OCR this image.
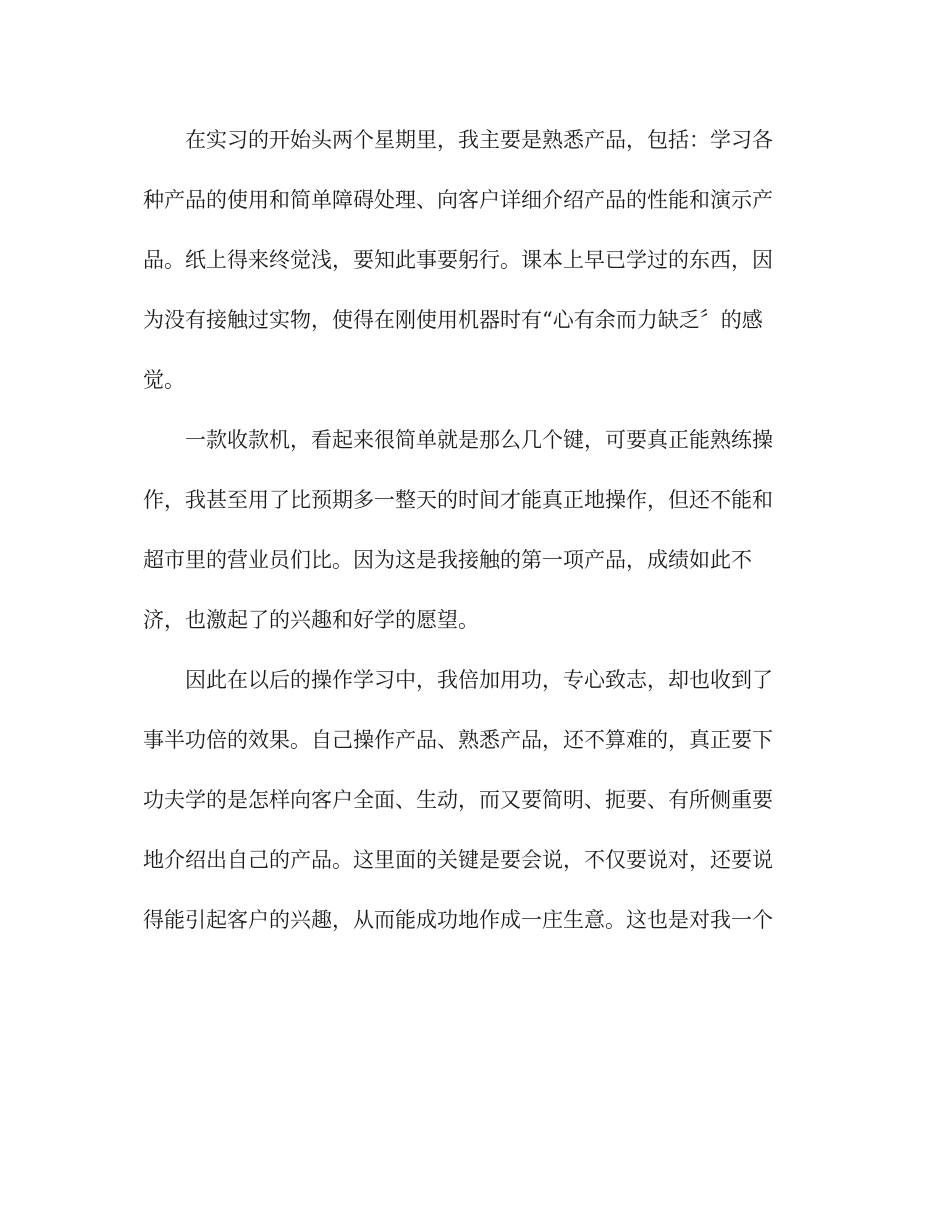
在实习的开始头两个星期里，我主要是熟悉产品，包括：学习各
种产品的使用和简单障碍处理、向客户详细介绍产品的性能和演示产
品。纸上得来终觉浅，要知此事要躬行。课本上早已学过的东西，因
为没有接触过实物，使得在刚使用机器时有“心有余而力缺乏〞的感
觉。
一款收款机，看起来很简单就是那么几个键，可要真正能熟练操
作，我甚至用了比预期多一整天的时间才能真正地操作，但还不能和
超市里的营业员们比。因为这是我接触的第一项产品，成绩如此不
济，也激起了的兴趣和好学的愿望。
因此在以后的操作学习中，我倍加用功，专心致志，却也收到了
事半功倍的效果。自己操作产品、熟悉产品，还不算难的，真正要下
功夫学的是怎样向客户全面、生动，而又要简明、扼要、有所侧重要
地介绍出自己的产品。这里面的关键是要会说，不仅要说对，还要说
得能引起客户的兴趣，从而能成功地作成一庄生意。这也是对我一个
